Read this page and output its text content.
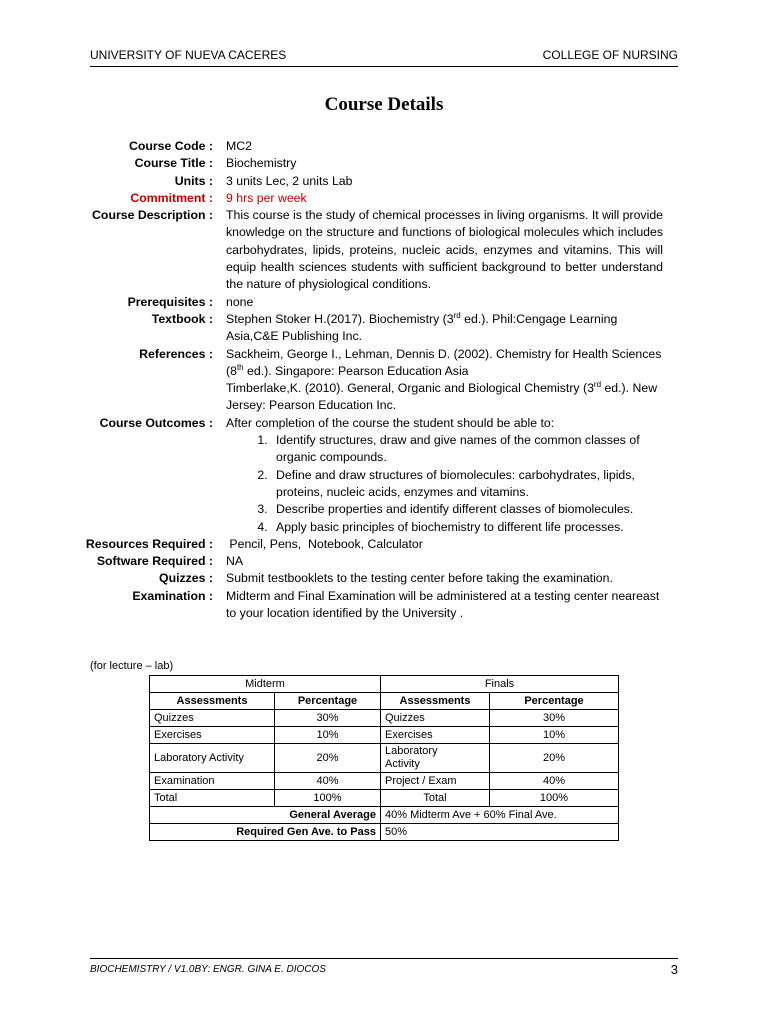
UNIVERSITY OF NUEVA CACERES	COLLEGE OF NURSING
Course Details
Course Code :	MC2
Course Title :	Biochemistry
Units :	3 units Lec, 2 units Lab
Commitment :	9 hrs per week
Course Description :	This course is the study of chemical processes in living organisms. It will provide knowledge on the structure and functions of biological molecules which includes carbohydrates, lipids, proteins, nucleic acids, enzymes and vitamins. This will equip health sciences students with sufficient background to better understand the nature of physiological conditions.
Prerequisites :	none
Textbook :	Stephen Stoker H.(2017). Biochemistry (3rd ed.). Phil:Cengage Learning Asia,C&E Publishing Inc.
References : Sackheim, George I., Lehman, Dennis D. (2002). Chemistry for Health Sciences (8th ed.). Singapore: Pearson Education Asia
Timberlake,K. (2010). General, Organic and Biological Chemistry (3rd ed.). New Jersey: Pearson Education Inc.
Course Outcomes : After completion of the course the student should be able to:
1. Identify structures, draw and give names of the common classes of organic compounds.
2. Define and draw structures of biomolecules: carbohydrates, lipids, proteins, nucleic acids, enzymes and vitamins.
3. Describe properties and identify different classes of biomolecules.
4. Apply basic principles of biochemistry to different life processes.
Resources Required :	Pencil, Pens,  Notebook, Calculator
Software Required :	NA
Quizzes :	Submit testbooklets to the testing center before taking the examination.
Examination :	Midterm and Final Examination will be administered at a testing center neareast to your location identified by the University .
(for lecture – lab)
Midterm		Finals	
Assessments	Percentage	Assessments	Percentage
Quizzes	30%	Quizzes	30%
Exercises	10%	Exercises	10%
Laboratory Activity	20%	Laboratory Activity	20%
Examination	40%	Project / Exam	40%
Total	100%	Total	100%
General Average		40% Midterm Ave + 60% Final Ave.	
Required Gen Ave. to Pass		50%	
BIOCHEMISTRY / V1.0BY: ENGR. GINA E. DIOCOS	3
